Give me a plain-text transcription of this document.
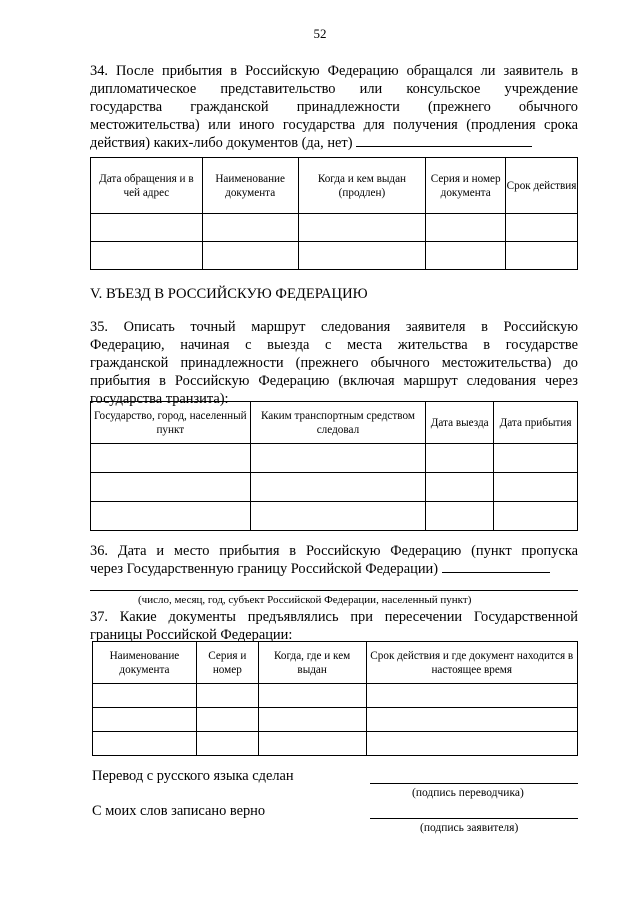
52
34. После прибытия в Российскую Федерацию обращался ли заявитель в
дипломатическое представительство или консульское учреждение
государства гражданской принадлежности (прежнего обычного
местожительства) или иного государства для получения (продления срока
действия) каких-либо документов (да, нет)
Дата обращения и в чей адрес	Наименование документа	Когда и кем выдан (продлен)	Серия и номер документа	Срок действия

V. ВЪЕЗД В РОССИЙСКУЮ ФЕДЕРАЦИЮ
35. Описать точный маршрут следования заявителя в Российскую
Федерацию, начиная с выезда с места жительства в государстве
гражданской принадлежности (прежнего обычного местожительства) до
прибытия в Российскую Федерацию (включая маршрут следования через
государства транзита):
Государство, город, населенный пункт	Каким транспортным средством следовал	Дата выезда	Дата прибытия

36. Дата и место прибытия в Российскую Федерацию (пункт пропуска
через Государственную границу Российской Федерации)
(число, месяц, год, субъект Российской Федерации, населенный пункт)
37. Какие документы предъявлялись при пересечении Государственной
границы Российской Федерации:
Наименование документа	Серия и номер	Когда, где и кем выдан	Срок действия и где документ находится в настоящее время

Перевод с русского языка сделан
(подпись переводчика)
С моих слов записано верно
(подпись заявителя)
